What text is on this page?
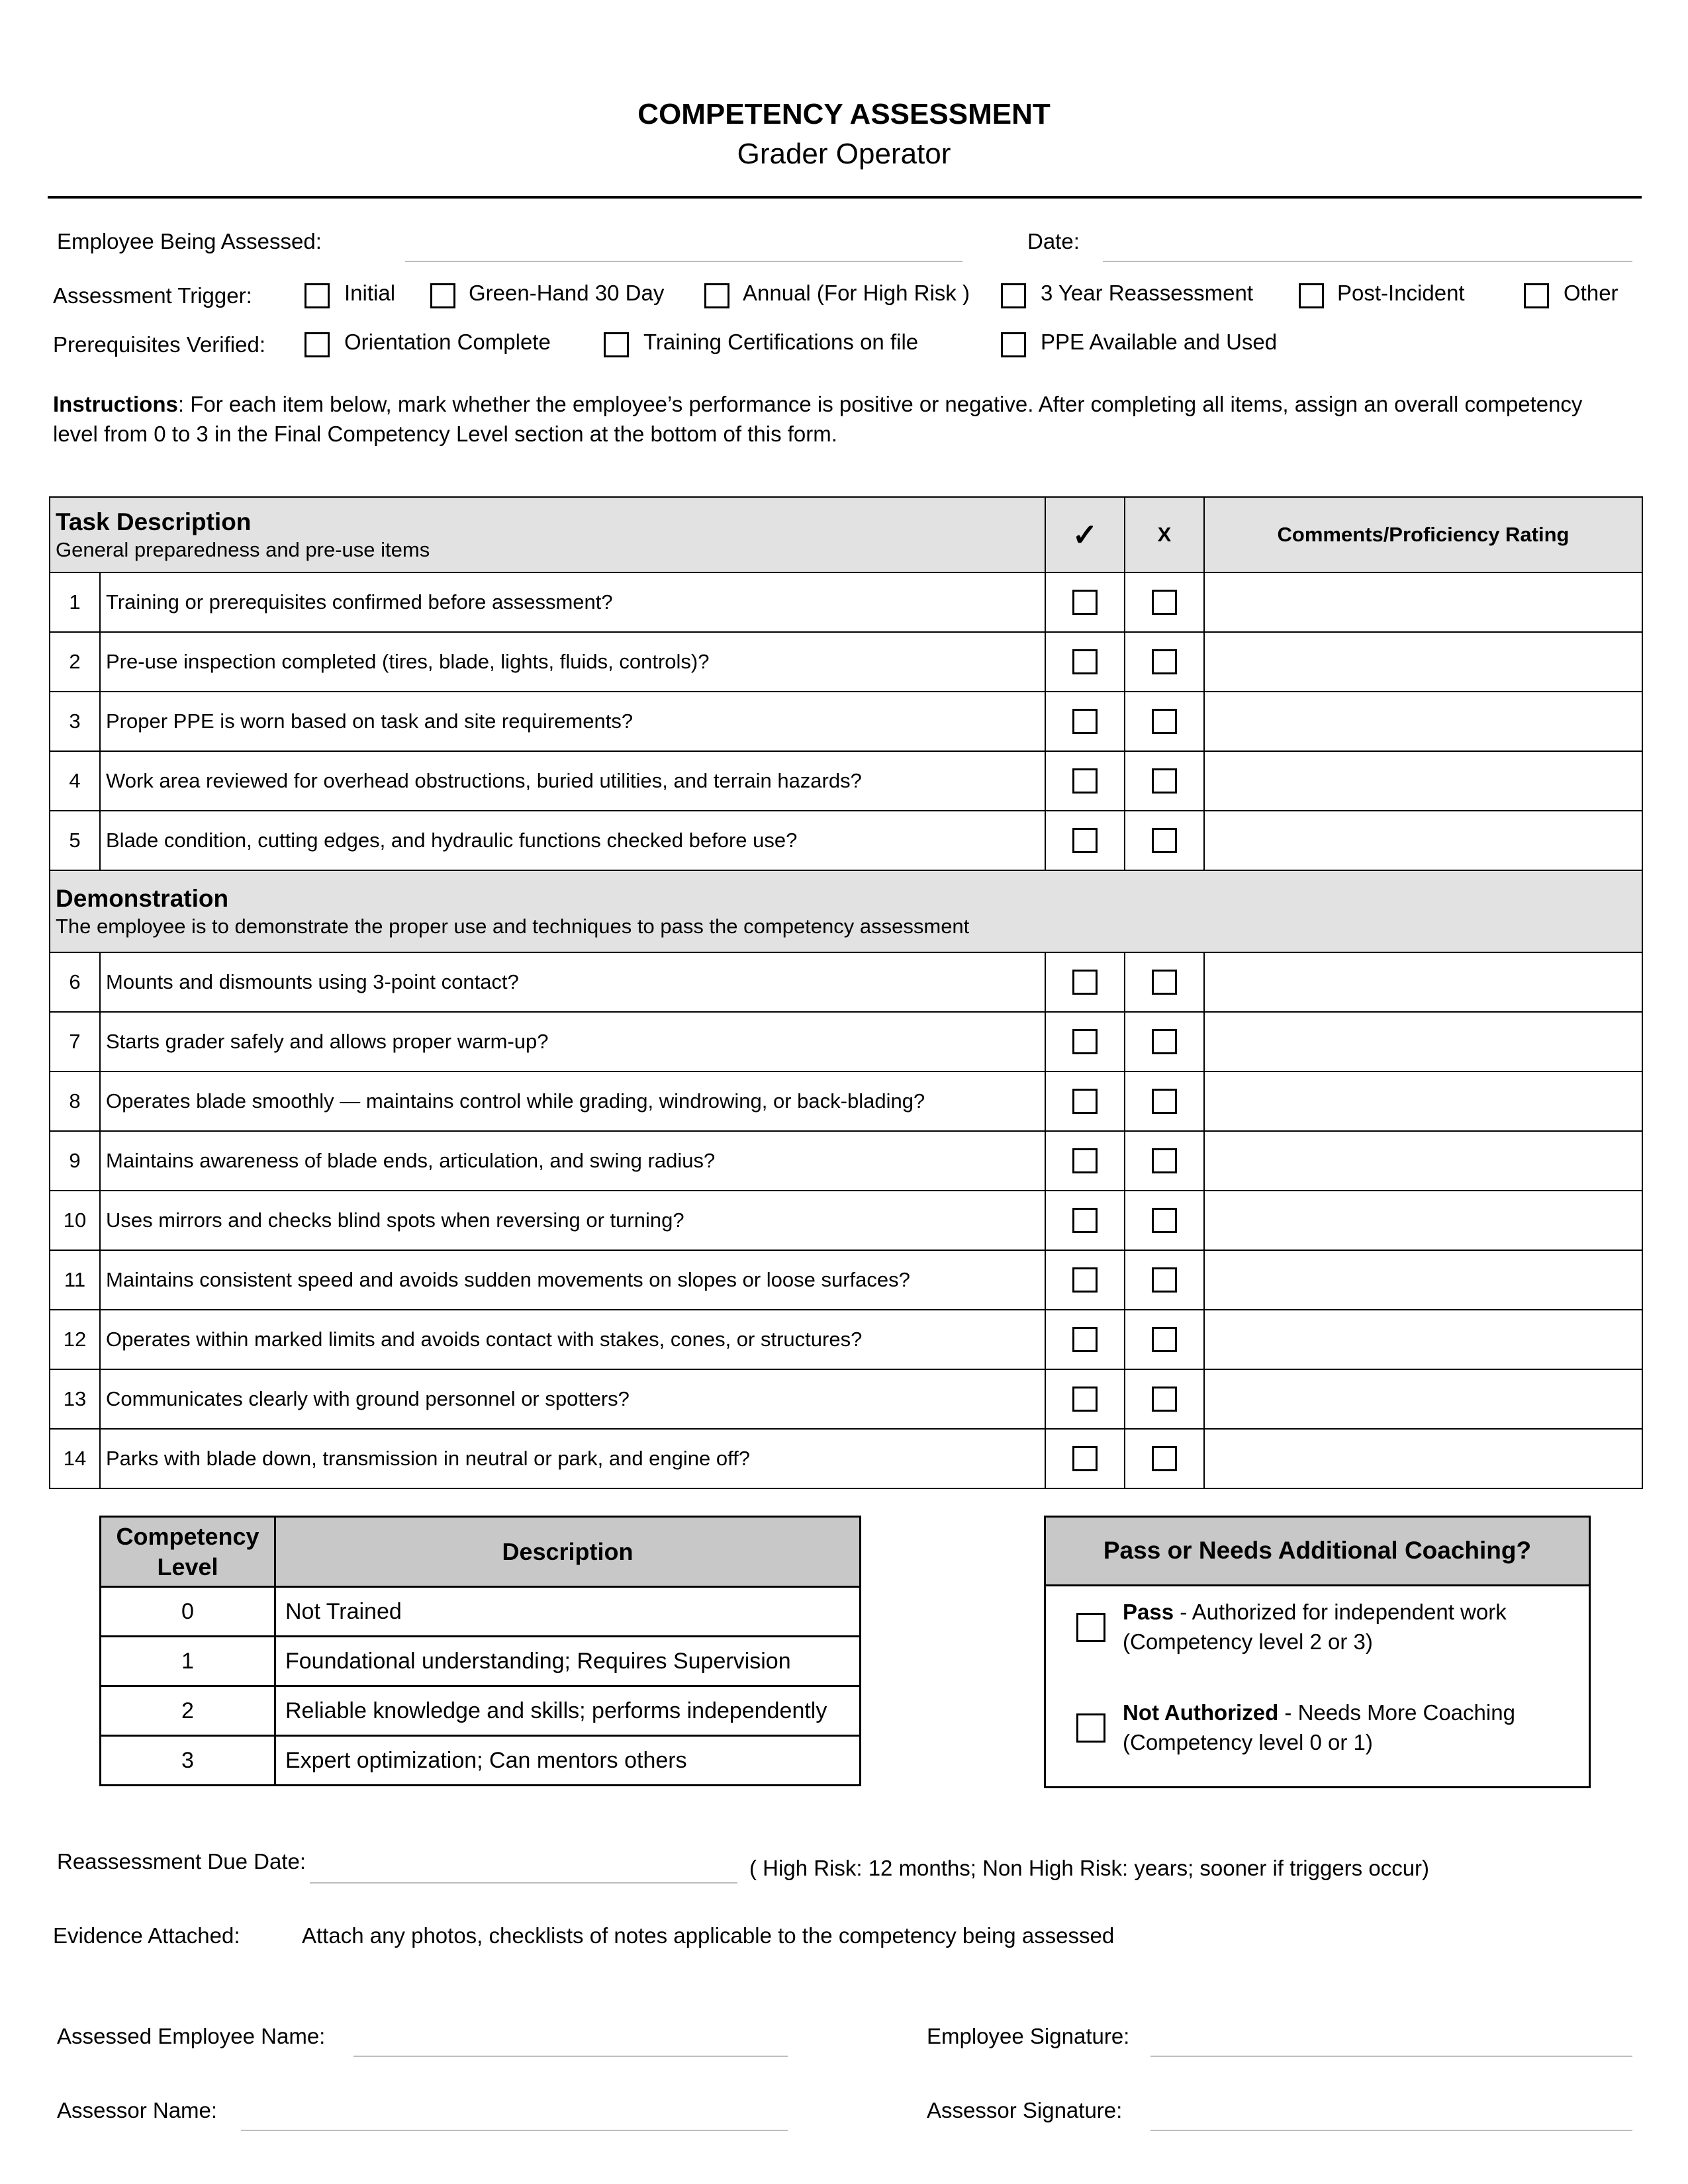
COMPETENCY ASSESSMENT
Grader Operator
Employee Being Assessed:	Date:
Assessment Trigger:	Initial	Green-Hand 30 Day	Annual (For High Risk )	3 Year Reassessment	Post-Incident	Other
Prerequisites Verified:	Orientation Complete	Training Certifications on file	PPE Available and Used
Instructions: For each item below, mark whether the employee’s performance is positive or negative. After completing all items, assign an overall competency level from 0 to 3 in the Final Competency Level section at the bottom of this form.
Task Description
General preparedness and pre-use items		✓	X	Comments/Proficiency Rating
1	Training or prerequisites confirmed before assessment?			
2	Pre-use inspection completed (tires, blade, lights, fluids, controls)?			
3	Proper PPE is worn based on task and site requirements?			
4	Work area reviewed for overhead obstructions, buried utilities, and terrain hazards?			
5	Blade condition, cutting edges, and hydraulic functions checked before use?			

Demonstration
The employee is to demonstrate the proper use and techniques to pass the competency assessment				

6	Mounts and dismounts using 3-point contact?			
7	Starts grader safely and allows proper warm-up?			
8	Operates blade smoothly — maintains control while grading, windrowing, or back-blading?			
9	Maintains awareness of blade ends, articulation, and swing radius?			
10	Uses mirrors and checks blind spots when reversing or turning?			
11	Maintains consistent speed and avoids sudden movements on slopes or loose surfaces?			
12	Operates within marked limits and avoids contact with stakes, cones, or structures?			
13	Communicates clearly with ground personnel or spotters?			
14	Parks with blade down, transmission in neutral or park, and engine off?			
Competency Level	Description
0	Not Trained
1	Foundational understanding; Requires Supervision
2	Reliable knowledge and skills; performs independently
3	Expert optimization; Can mentors others
Pass or Needs Additional Coaching?
Pass - Authorized for independent work
(Competency level 2 or 3)
Not Authorized - Needs More Coaching
(Competency level 0 or 1)
Reassessment Due Date:	( High Risk: 12 months; Non High Risk: years; sooner if triggers occur)
Evidence Attached:	Attach any photos, checklists of notes applicable to the competency being assessed
Assessed Employee Name:	Employee Signature:
Assessor Name:	Assessor Signature:
